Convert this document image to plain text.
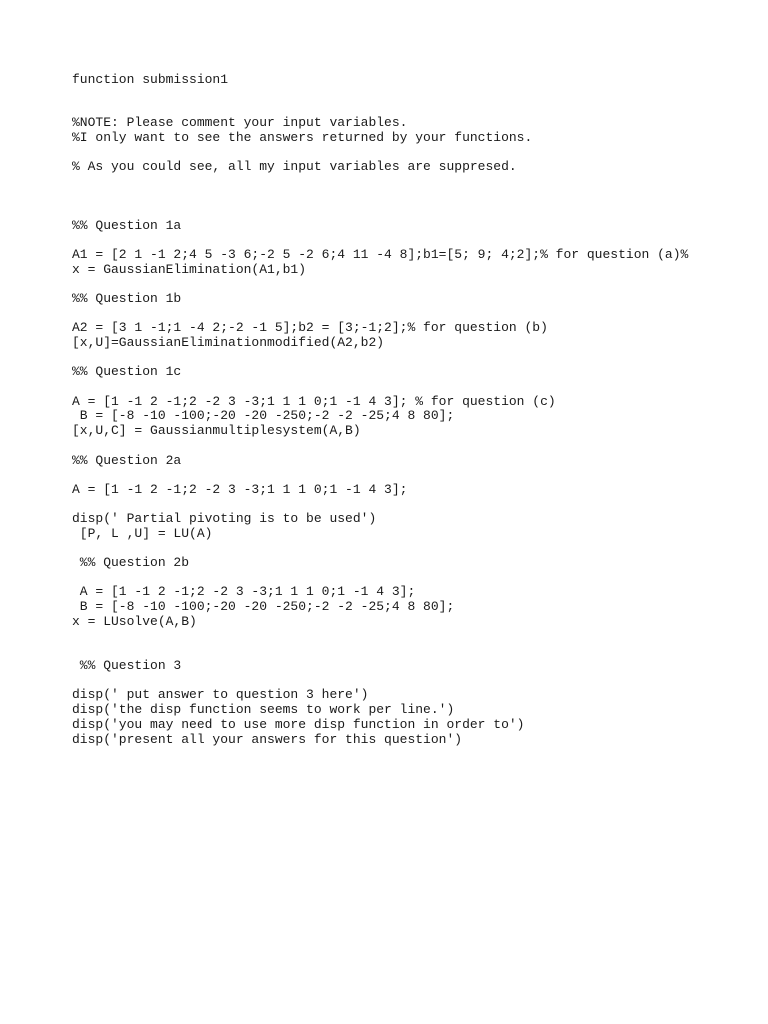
function submission1
%NOTE: Please comment your input variables.
%I only want to see the answers returned by your functions.
% As you could see, all my input variables are suppresed.
%% Question 1a
A1 = [2 1 -1 2;4 5 -3 6;-2 5 -2 6;4 11 -4 8];b1=[5; 9; 4;2];% for question (a)%
x = GaussianElimination(A1,b1)
%% Question 1b
A2 = [3 1 -1;1 -4 2;-2 -1 5];b2 = [3;-1;2];% for question (b)
[x,U]=GaussianEliminationmodified(A2,b2)
%% Question 1c
A = [1 -1 2 -1;2 -2 3 -3;1 1 1 0;1 -1 4 3]; % for question (c)
B = [-8 -10 -100;-20 -20 -250;-2 -2 -25;4 8 80];
[x,U,C] = Gaussianmultiplesystem(A,B)
%% Question 2a
A = [1 -1 2 -1;2 -2 3 -3;1 1 1 0;1 -1 4 3];
disp(' Partial pivoting is to be used')
[P, L ,U] = LU(A)
%% Question 2b
A = [1 -1 2 -1;2 -2 3 -3;1 1 1 0;1 -1 4 3];
B = [-8 -10 -100;-20 -20 -250;-2 -2 -25;4 8 80];
x = LUsolve(A,B)
%% Question 3
disp(' put answer to question 3 here')
disp('the disp function seems to work per line.')
disp('you may need to use more disp function in order to')
disp('present all your answers for this question')
